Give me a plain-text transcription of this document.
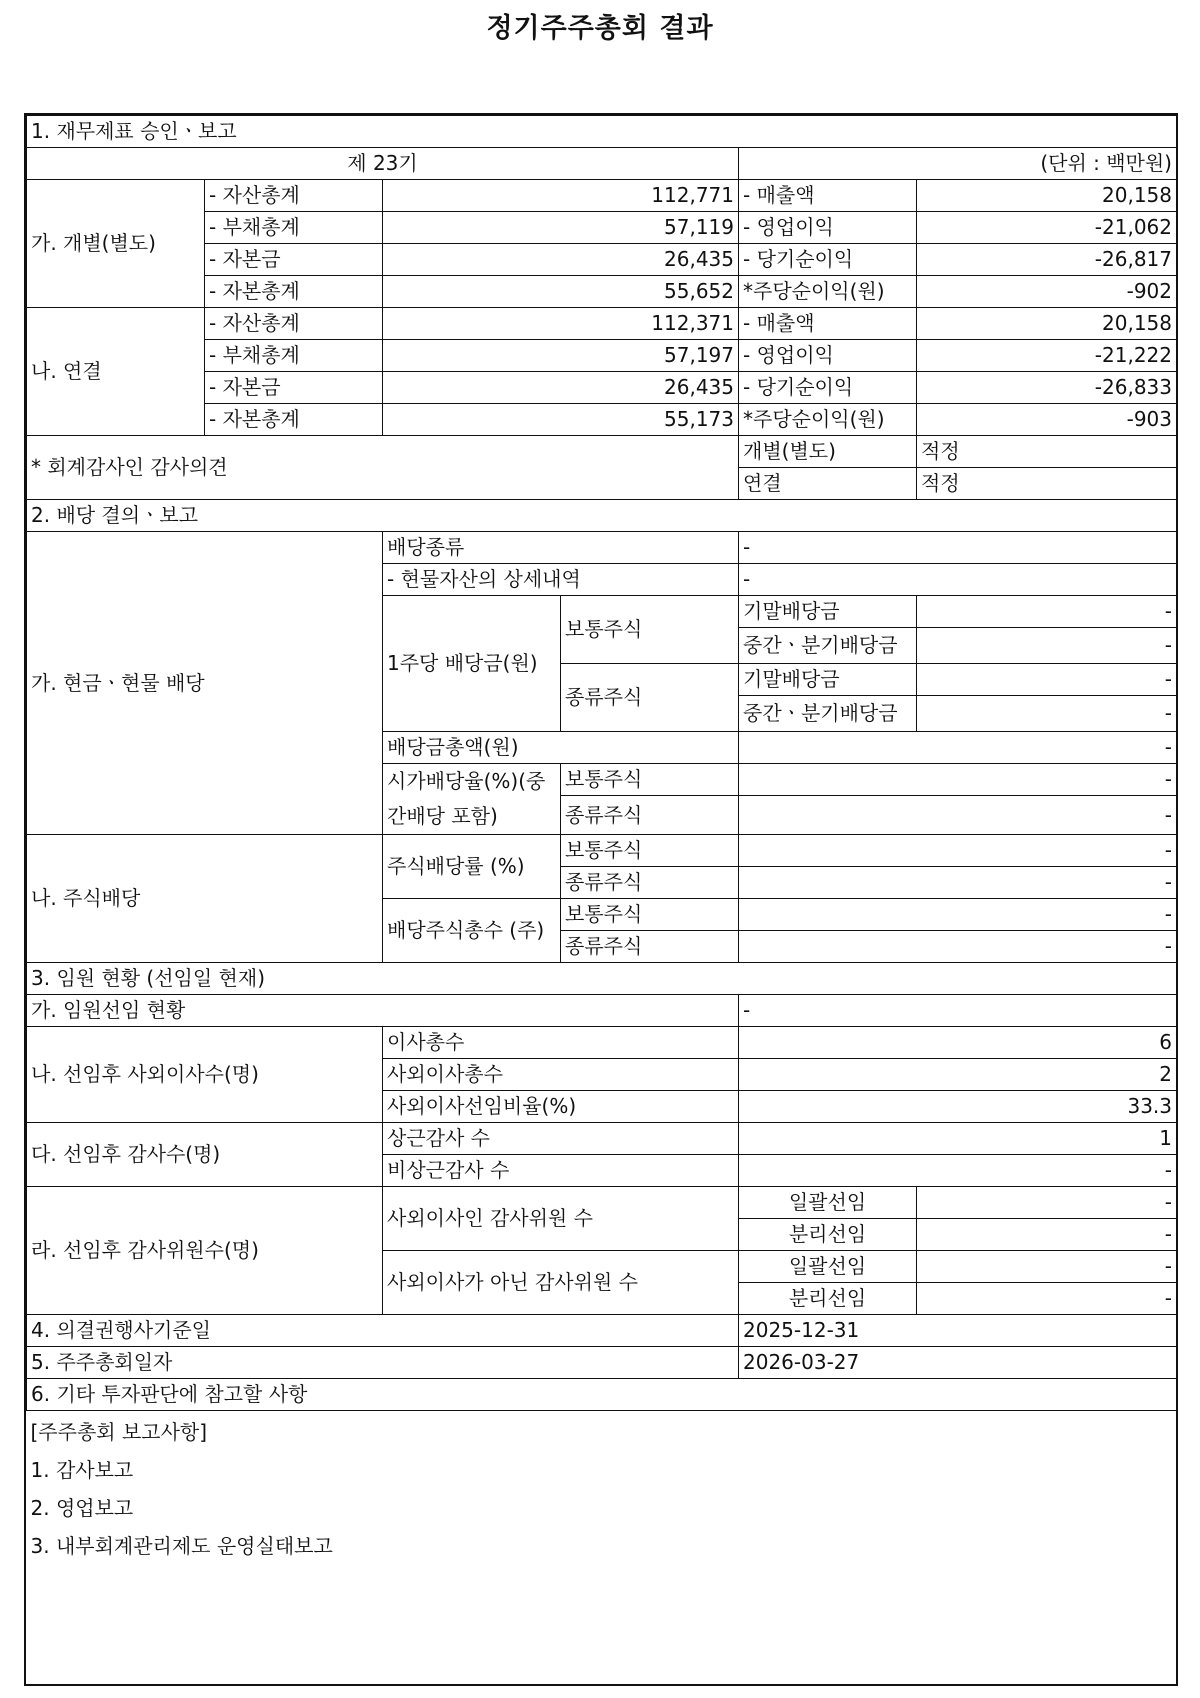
정기주주총회 결과
1. 재무제표 승인ㆍ보고					
제 23기				(단위 : 백만원)	
가. 개별(별도)	- 자산총계	112,771		- 매출액	20,158
	- 부채총계	57,119		- 영업이익	-21,062
	- 자본금	26,435		- 당기순이익	-26,817
	- 자본총계	55,652		*주당순이익(원)	-902
나. 연결	- 자산총계	112,371		- 매출액	20,158
	- 부채총계	57,197		- 영업이익	-21,222
	- 자본금	26,435		- 당기순이익	-26,833
	- 자본총계	55,173		*주당순이익(원)	-903
* 회계감사인 감사의견				개별(별도)	적정
				연결	적정
2. 배당 결의ㆍ보고					
가. 현금ㆍ현물 배당		배당종류		-	
		- 현물자산의 상세내역		-	
		1주당 배당금(원)	보통주식	기말배당금	-
				중간ㆍ분기배당금	-
			종류주식	기말배당금	-
				중간ㆍ분기배당금	-
		배당금총액(원)		-	
		시가배당율(%)(중간배당 포함)	보통주식	-	
			종류주식	-	

나. 주식배당		주식배당률 (%)	보통주식	-	
			종류주식	-	
		배당주식총수 (주)	보통주식	-	
			종류주식	-	
3. 임원 현황 (선임일 현재)					
가. 임원선임 현황				-	
나. 선임후 사외이사수(명)		이사총수		6	
		사외이사총수		2	
		사외이사선임비율(%)		33.3	
다. 선임후 감사수(명)		상근감사 수		1	
		비상근감사 수		-	
라. 선임후 감사위원수(명)		사외이사인 감사위원 수		일괄선임	-
				분리선임	-
		사외이사가 아닌 감사위원 수		일괄선임	-
				분리선임	-
4. 의결권행사기준일				2025-12-31	
5. 주주총회일자				2026-03-27	
6. 기타 투자판단에 참고할 사항					

[주주총회 보고사항]
1. 감사보고
2. 영업보고
3. 내부회계관리제도 운영실태보고					
